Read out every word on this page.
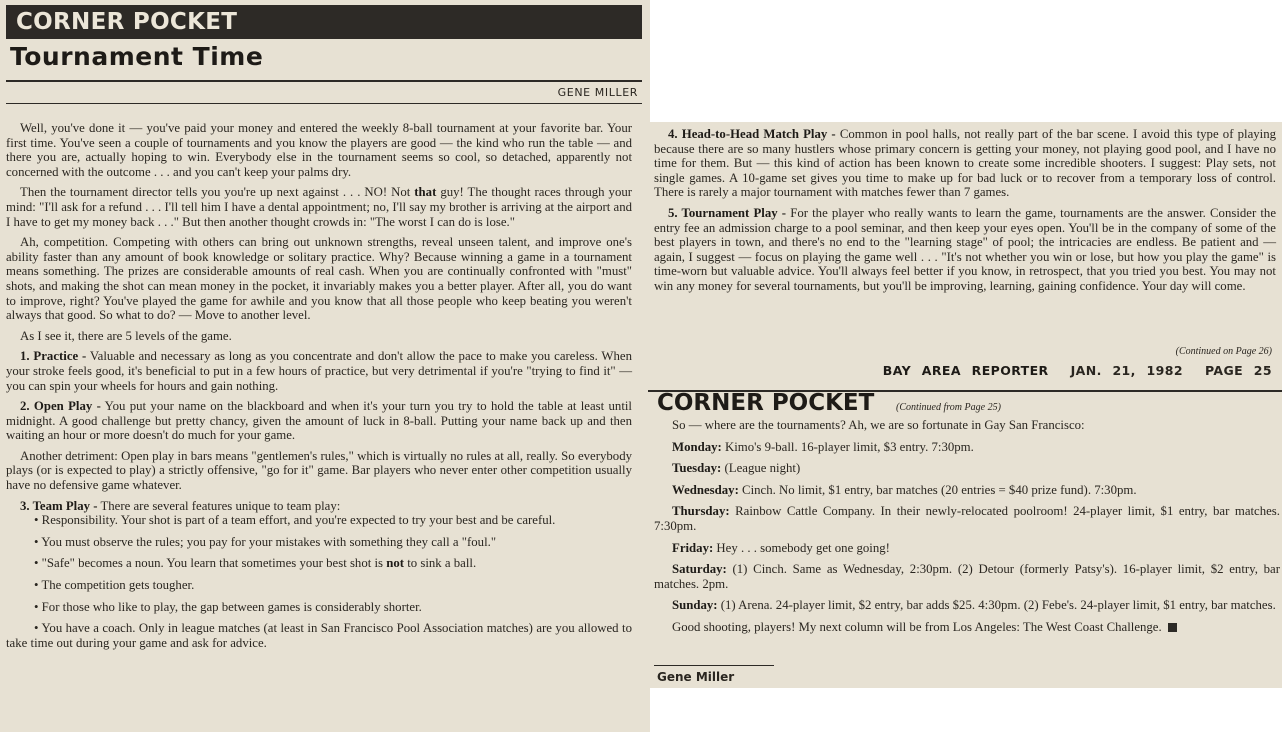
CORNER POCKET
Tournament Time
GENE MILLER

Well, you've done it — you've paid your money and entered the weekly 8-ball tournament at your favorite bar. Your first time. You've seen a couple of tournaments and you know the players are good — the kind who run the table — and there you are, actually hoping to win. Everybody else in the tournament seems so cool, so detached, apparently not concerned with the outcome . . . and you can't keep your palms dry.

Then the tournament director tells you you're up next against . . . NO! Not that guy! The thought races through your mind: "I'll ask for a refund . . . I'll tell him I have a dental appointment; no, I'll say my brother is arriving at the airport and I have to get my money back . . ." But then another thought crowds in: "The worst I can do is lose."

Ah, competition. Competing with others can bring out unknown strengths, reveal unseen talent, and improve one's ability faster than any amount of book knowledge or solitary practice. Why? Because winning a game in a tournament means something. The prizes are considerable amounts of real cash. When you are continually confronted with "must" shots, and making the shot can mean money in the pocket, it invariably makes you a better player. After all, you do want to improve, right? You've played the game for awhile and you know that all those people who keep beating you weren't always that good. So what to do? — Move to another level.

As I see it, there are 5 levels of the game.

1. Practice - Valuable and necessary as long as you concentrate and don't allow the pace to make you careless. When your stroke feels good, it's beneficial to put in a few hours of practice, but very detrimental if you're "trying to find it" — you can spin your wheels for hours and gain nothing.

2. Open Play - You put your name on the blackboard and when it's your turn you try to hold the table at least until midnight. A good challenge but pretty chancy, given the amount of luck in 8-ball. Putting your name back up and then waiting an hour or more doesn't do much for your game.

Another detriment: Open play in bars means "gentlemen's rules," which is virtually no rules at all, really. So everybody plays (or is expected to play) a strictly offensive, "go for it" game. Bar players who never enter other competition usually have no defensive game whatever.

3. Team Play - There are several features unique to team play:

• Responsibility. Your shot is part of a team effort, and you're expected to try your best and be careful.

• You must observe the rules; you pay for your mistakes with something they call a "foul."

• "Safe" becomes a noun. You learn that sometimes your best shot is not to sink a ball.

• The competition gets tougher.

• For those who like to play, the gap between games is considerably shorter.

• You have a coach. Only in league matches (at least in San Francisco Pool Association matches) are you allowed to take time out during your game and ask for advice.

4. Head-to-Head Match Play - Common in pool halls, not really part of the bar scene. I avoid this type of playing because there are so many hustlers whose primary concern is getting your money, not playing good pool, and I have no time for them. But — this kind of action has been known to create some incredible shooters. I suggest: Play sets, not single games. A 10-game set gives you time to make up for bad luck or to recover from a temporary loss of control. There is rarely a major tournament with matches fewer than 7 games.

5. Tournament Play - For the player who really wants to learn the game, tournaments are the answer. Consider the entry fee an admission charge to a pool seminar, and then keep your eyes open. You'll be in the company of some of the best players in town, and there's no end to the "learning stage" of pool; the intricacies are endless. Be patient and — again, I suggest — focus on playing the game well . . . "It's not whether you win or lose, but how you play the game" is time-worn but valuable advice. You'll always feel better if you know, in retrospect, that you tried you best. You may not win any money for several tournaments, but you'll be improving, learning, gaining confidence. Your day will come.

(Continued on Page 26)
BAY AREA REPORTER JAN. 21, 1982 PAGE 25
CORNER POCKET (Continued from Page 25)

So — where are the tournaments? Ah, we are so fortunate in Gay San Francisco:

Monday: Kimo's 9-ball. 16-player limit, $3 entry. 7:30pm.

Tuesday: (League night)

Wednesday: Cinch. No limit, $1 entry, bar matches (20 entries = $40 prize fund). 7:30pm.

Thursday: Rainbow Cattle Company. In their newly-relocated poolroom! 24-player limit, $1 entry, bar matches. 7:30pm.

Friday: Hey . . . somebody get one going!

Saturday: (1) Cinch. Same as Wednesday, 2:30pm. (2) Detour (formerly Patsy's). 16-player limit, $2 entry, bar matches. 2pm.

Sunday: (1) Arena. 24-player limit, $2 entry, bar adds $25. 4:30pm. (2) Febe's. 24-player limit, $1 entry, bar matches.

Good shooting, players! My next column will be from Los Angeles: The West Coast Challenge.

Gene Miller
